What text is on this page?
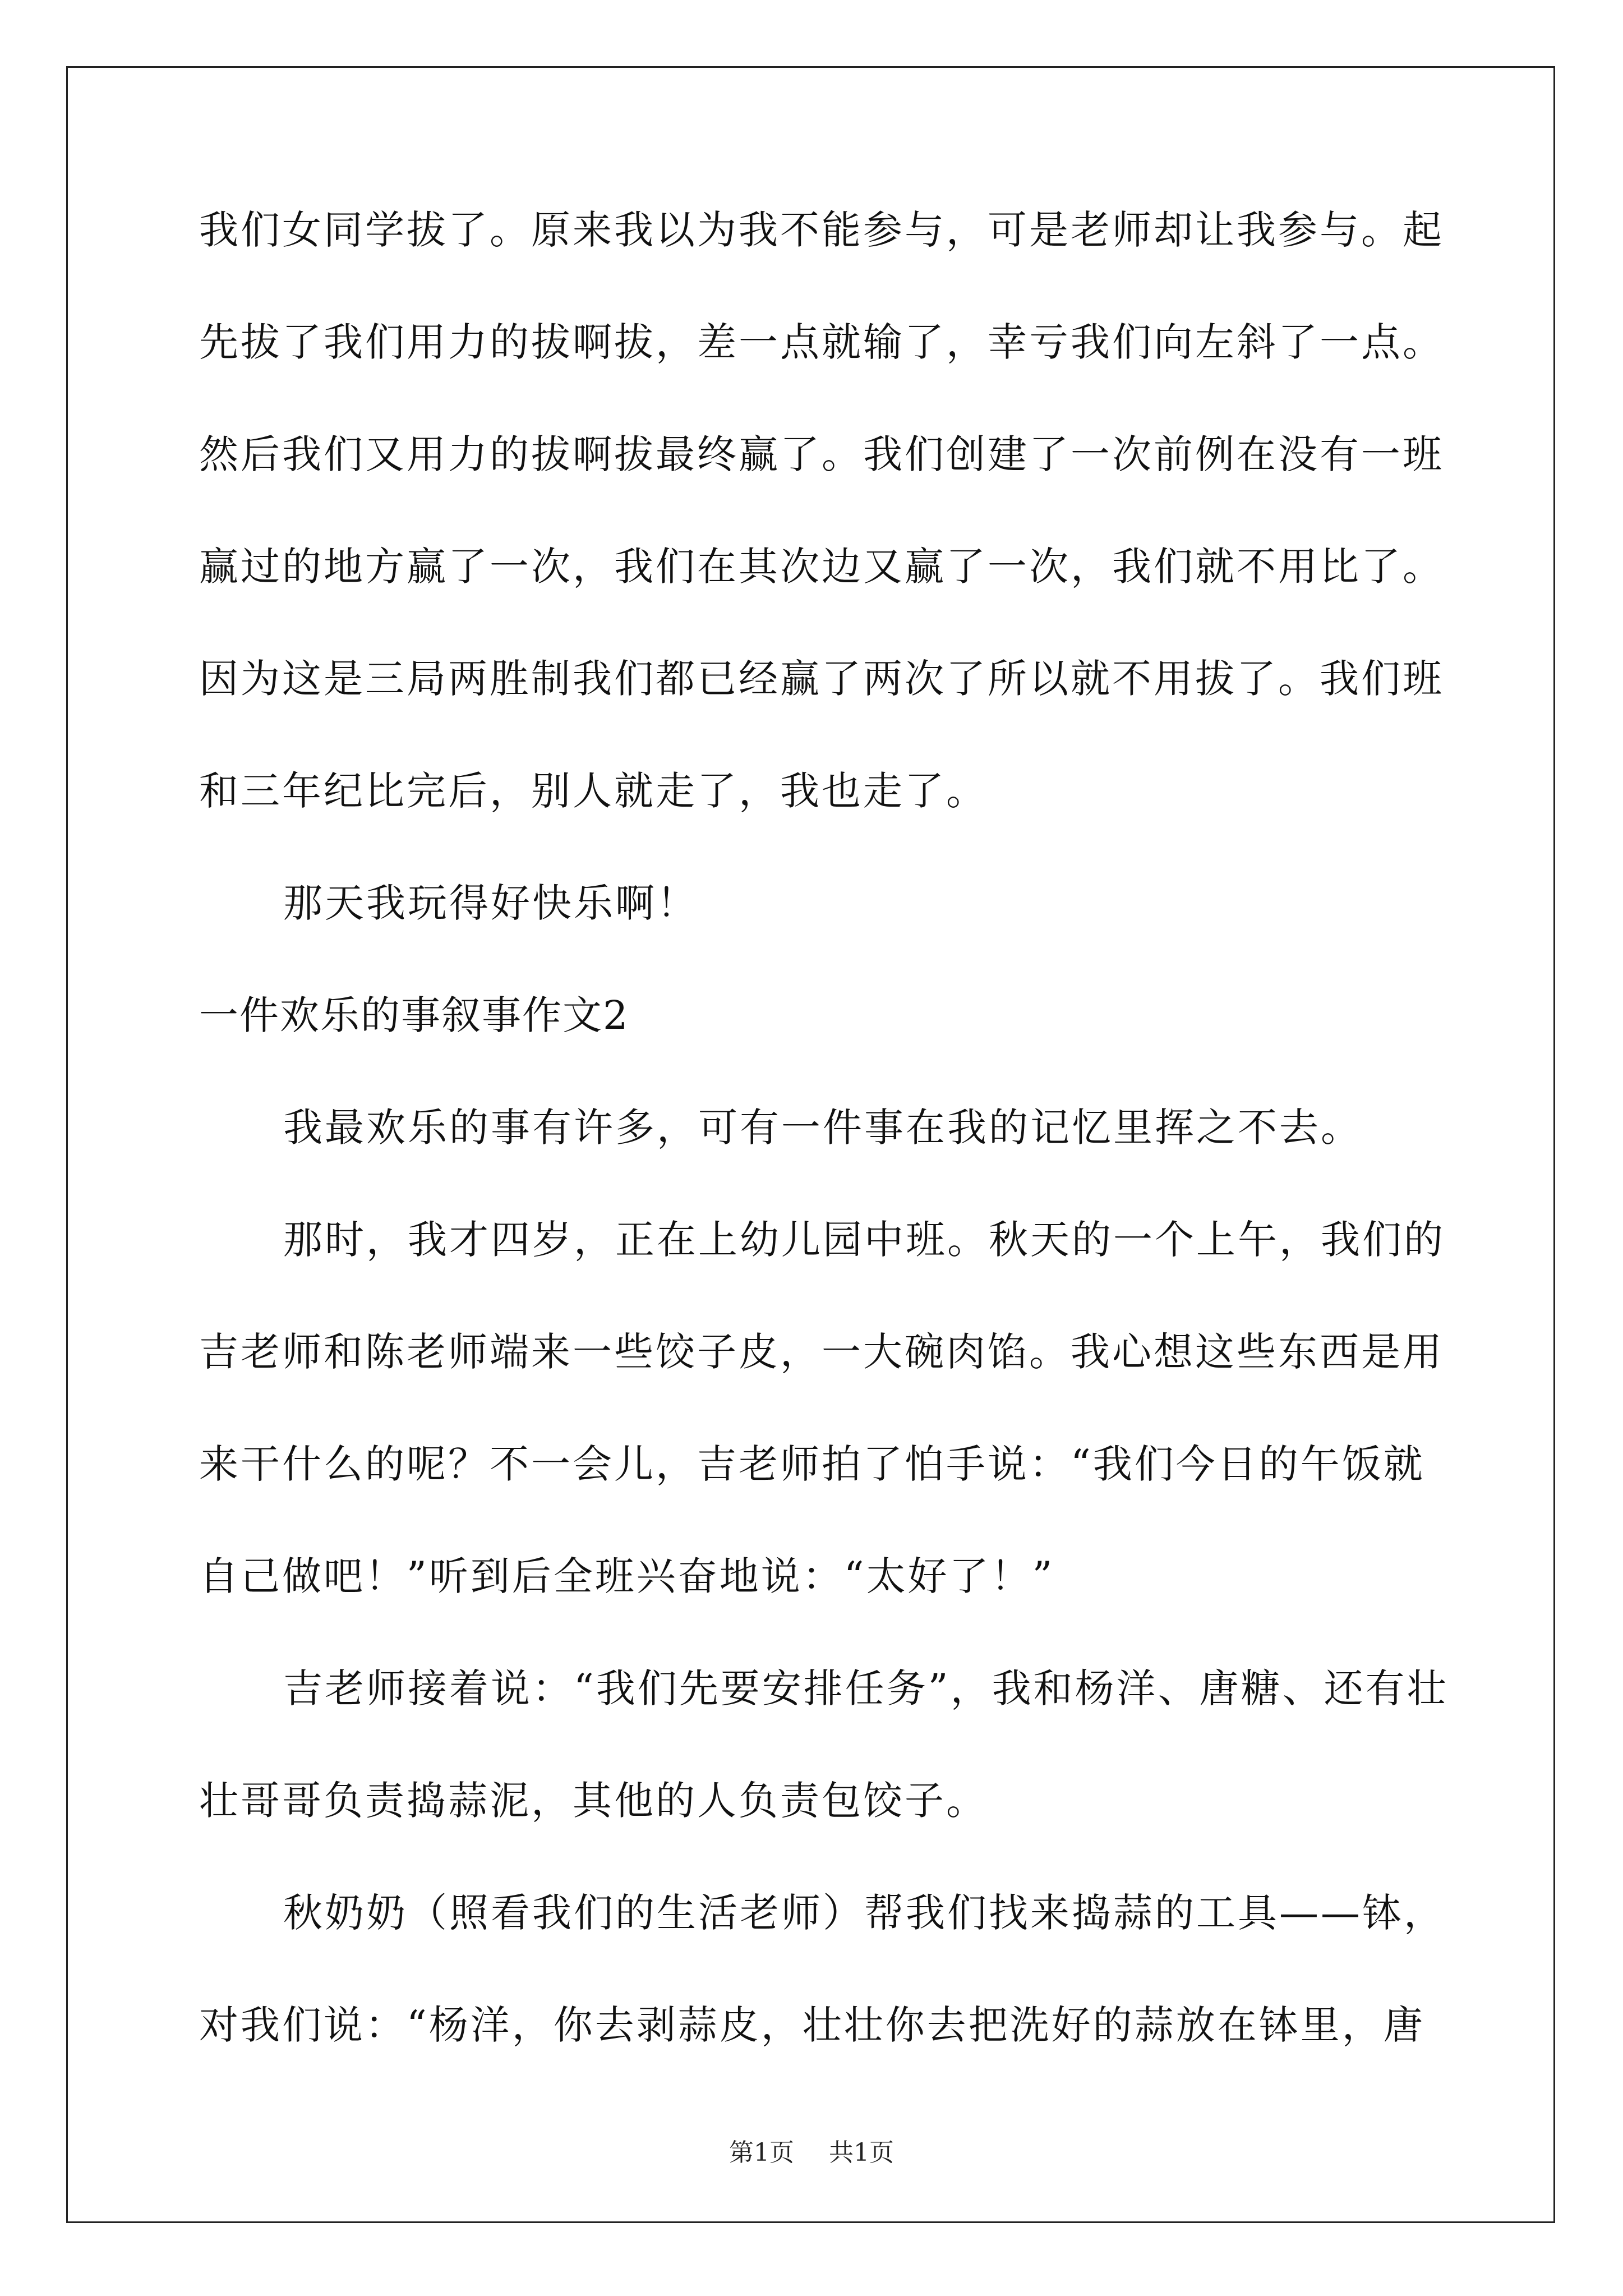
我们女同学拔了。原来我以为我不能参与，可是老师却让我参与。起

先拔了我们用力的拔啊拔，差一点就输了，幸亏我们向左斜了一点。

然后我们又用力的拔啊拔最终赢了。我们创建了一次前例在没有一班

赢过的地方赢了一次，我们在其次边又赢了一次，我们就不用比了。

因为这是三局两胜制我们都已经赢了两次了所以就不用拔了。我们班

和三年纪比完后，别人就走了，我也走了。

那天我玩得好快乐啊！

一件欢乐的事叙事作文2

我最欢乐的事有许多，可有一件事在我的记忆里挥之不去。

那时，我才四岁，正在上幼儿园中班。秋天的一个上午，我们的

吉老师和陈老师端来一些饺子皮，一大碗肉馅。我心想这些东西是用

来干什么的呢？不一会儿，吉老师拍了怕手说：“我们今日的午饭就

自己做吧！”听到后全班兴奋地说：“太好了！”

吉老师接着说：“我们先要安排任务”，我和杨洋、唐糖、还有壮

壮哥哥负责捣蒜泥，其他的人负责包饺子。

秋奶奶（照看我们的生活老师）帮我们找来捣蒜的工具——钵，

对我们说：“杨洋，你去剥蒜皮，壮壮你去把洗好的蒜放在钵里，唐

第1页 共1页
